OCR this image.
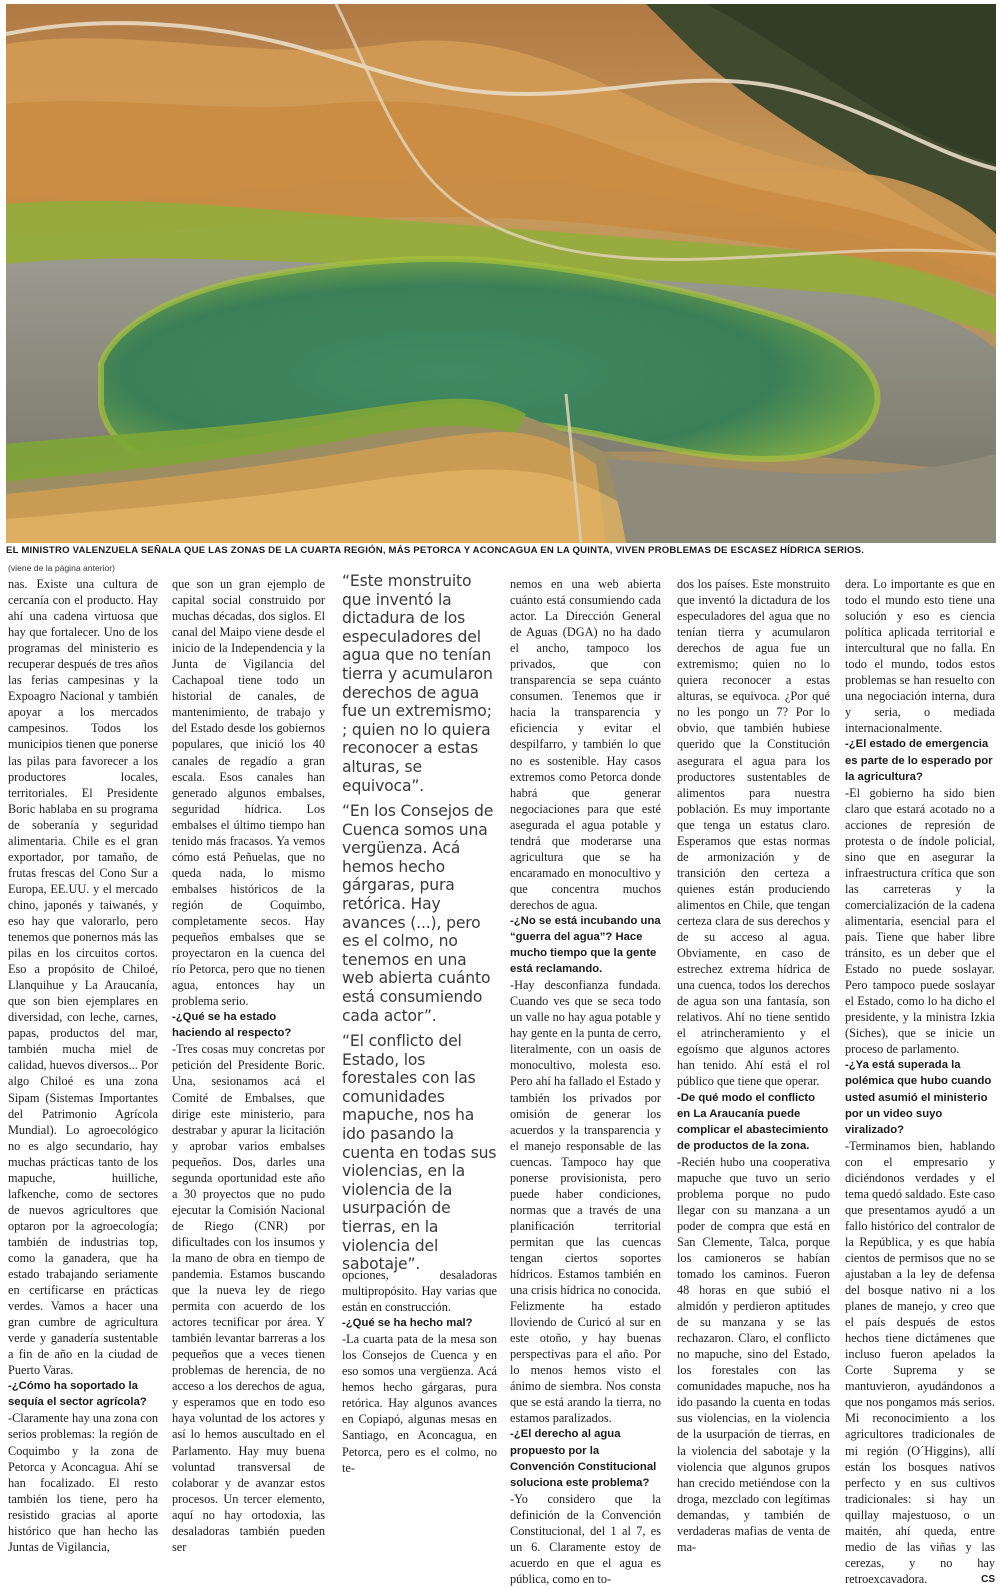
EL MINISTRO VALENZUELA SEÑALA QUE LAS ZONAS DE LA CUARTA REGIÓN, MÁS PETORCA Y ACONCAGUA EN LA QUINTA, VIVEN PROBLEMAS DE ESCASEZ HÍDRICA SERIOS.
(viene de la página anterior)

nas. Existe una cultura de cercanía con el producto. Hay ahí una cadena virtuosa que hay que fortalecer. Uno de los programas del ministerio es recuperar después de tres años las ferias campesinas y la Expoagro Nacional y también apoyar a los mercados campesinos. Todos los municipios tienen que ponerse las pilas para favorecer a los productores locales, territoriales. El Presidente Boric hablaba en su programa de soberanía y seguridad alimentaria. Chile es el gran exportador, por tamaño, de frutas frescas del Cono Sur a Europa, EE.UU. y el mercado chino, japonés y taiwanés, y eso hay que valorarlo, pero tenemos que ponernos más las pilas en los circuitos cortos. Eso a propósito de Chiloé, Llanquihue y La Araucanía, que son bien ejemplares en diversidad, con leche, carnes, papas, productos del mar, también mucha miel de calidad, huevos diversos... Por algo Chiloé es una zona Sipam (Sistemas Importantes del Patrimonio Agrícola Mundial). Lo agroecológico no es algo secundario, hay muchas prácticas tanto de los mapuche, huilliche, lafkenche, como de sectores de nuevos agricultores que optaron por la agroecología; también de industrias top, como la ganadera, que ha estado trabajando seriamente en certificarse en prácticas verdes. Vamos a hacer una gran cumbre de agricultura verde y ganadería sustentable a fin de año en la ciudad de Puerto Varas.

-¿Cómo ha soportado la sequía el sector agrícola?

-Claramente hay una zona con serios problemas: la región de Coquimbo y la zona de Petorca y Aconcagua. Ahí se han focalizado. El resto también los tiene, pero ha resistido gracias al aporte histórico que han hecho las Juntas de Vigilancia,

que son un gran ejemplo de capital social construido por muchas décadas, dos siglos. El canal del Maipo viene desde el inicio de la Independencia y la Junta de Vigilancia del Cachapoal tiene todo un historial de canales, de mantenimiento, de trabajo y del Estado desde los gobiernos populares, que inició los 40 canales de regadío a gran escala. Esos canales han generado algunos embalses, seguridad hídrica. Los embalses el último tiempo han tenido más fracasos. Ya vemos cómo está Peñuelas, que no queda nada, lo mismo embalses históricos de la región de Coquimbo, completamente secos. Hay pequeños embalses que se proyectaron en la cuenca del río Petorca, pero que no tienen agua, entonces hay un problema serio.

-¿Qué se ha estado haciendo al respecto?

-Tres cosas muy concretas por petición del Presidente Boric. Una, sesionamos acá el Comité de Embalses, que dirige este ministerio, para destrabar y apurar la licitación y aprobar varios embalses pequeños. Dos, darles una segunda oportunidad este año a 30 proyectos que no pudo ejecutar la Comisión Nacional de Riego (CNR) por dificultades con los insumos y la mano de obra en tiempo de pandemia. Estamos buscando que la nueva ley de riego permita con acuerdo de los actores tecnificar por área. Y también levantar barreras a los pequeños que a veces tienen problemas de herencia, de no acceso a los derechos de agua, y esperamos que en todo eso haya voluntad de los actores y así lo hemos auscultado en el Parlamento. Hay muy buena voluntad transversal de colaborar y de avanzar estos procesos. Un tercer elemento, aquí no hay ortodoxia, las desaladoras también pueden ser

“Este monstruito que inventó la dictadura de los especuladores del agua que no tenían tierra y acumularon derechos de agua fue un extremismo; ; quien no lo quiera reconocer a estas alturas, se equivoca”.

“En los Consejos de Cuenca somos una vergüenza. Acá hemos hecho gárgaras, pura retórica. Hay avances (...), pero es el colmo, no tenemos en una web abierta cuánto está consumiendo cada actor”.

“El conflicto del Estado, los forestales con las comunidades mapuche, nos ha ido pasando la cuenta en todas sus violencias, en la violencia de la usurpación de tierras, en la violencia del sabotaje”.

opciones, desaladoras multipropósito. Hay varias que están en construcción.

-¿Qué se ha hecho mal?

-La cuarta pata de la mesa son los Consejos de Cuenca y en eso somos una vergüenza. Acá hemos hecho gárgaras, pura retórica. Hay algunos avances en Copiapó, algunas mesas en Santiago, en Aconcagua, en Petorca, pero es el colmo, no te-

nemos en una web abierta cuánto está consumiendo cada actor. La Dirección General de Aguas (DGA) no ha dado el ancho, tampoco los privados, que con transparencia se sepa cuánto consumen. Tenemos que ir hacia la transparencia y eficiencia y evitar el despilfarro, y también lo que no es sostenible. Hay casos extremos como Petorca donde habrá que generar negociaciones para que esté asegurada el agua potable y tendrá que moderarse una agricultura que se ha encaramado en monocultivo y que concentra muchos derechos de agua.

-¿No se está incubando una “guerra del agua”? Hace mucho tiempo que la gente está reclamando.

-Hay desconfianza fundada. Cuando ves que se seca todo un valle no hay agua potable y hay gente en la punta de cerro, literalmente, con un oasis de monocultivo, molesta eso. Pero ahí ha fallado el Estado y también los privados por omisión de generar los acuerdos y la transparencia y el manejo responsable de las cuencas. Tampoco hay que ponerse provisionista, pero puede haber condiciones, normas que a través de una planificación territorial permitan que las cuencas tengan ciertos soportes hídricos. Estamos también en una crisis hídrica no conocida. Felizmente ha estado lloviendo de Curicó al sur en este otoño, y hay buenas perspectivas para el año. Por lo menos hemos visto el ánimo de siembra. Nos consta que se está arando la tierra, no estamos paralizados.

-¿El derecho al agua propuesto por la Convención Constitucional soluciona este problema?

-Yo considero que la definición de la Convención Constitucional, del 1 al 7, es un 6. Claramente estoy de acuerdo en que el agua es pública, como en to-

dos los países. Este monstruito que inventó la dictadura de los especuladores del agua que no tenían tierra y acumularon derechos de agua fue un extremismo; quien no lo quiera reconocer a estas alturas, se equivoca. ¿Por qué no les pongo un 7? Por lo obvio, que también hubiese querido que la Constitución asegurara el agua para los productores sustentables de alimentos para nuestra población. Es muy importante que tenga un estatus claro. Esperamos que estas normas de armonización y de transición den certeza a quienes están produciendo alimentos en Chile, que tengan certeza clara de sus derechos y de su acceso al agua. Obviamente, en caso de estrechez extrema hídrica de una cuenca, todos los derechos de agua son una fantasía, son relativos. Ahí no tiene sentido el atrincheramiento y el egoísmo que algunos actores han tenido. Ahí está el rol público que tiene que operar.

-De qué modo el conflicto en La Araucanía puede complicar el abastecimiento de productos de la zona.

-Recién hubo una cooperativa mapuche que tuvo un serio problema porque no pudo llegar con su manzana a un poder de compra que está en San Clemente, Talca, porque los camioneros se habían tomado los caminos. Fueron 48 horas en que subió el almidón y perdieron aptitudes de su manzana y se las rechazaron. Claro, el conflicto no mapuche, sino del Estado, los forestales con las comunidades mapuche, nos ha ido pasando la cuenta en todas sus violencias, en la violencia de la usurpación de tierras, en la violencia del sabotaje y la violencia que algunos grupos han crecido metiéndose con la droga, mezclado con legítimas demandas, y también de verdaderas mafias de venta de ma-

dera. Lo importante es que en todo el mundo esto tiene una solución y eso es ciencia política aplicada territorial e intercultural que no falla. En todo el mundo, todos estos problemas se han resuelto con una negociación interna, dura y seria, o mediada internacionalmente.

-¿El estado de emergencia es parte de lo esperado por la agricultura?

-El gobierno ha sido bien claro que estará acotado no a acciones de represión de protesta o de índole policial, sino que en asegurar la infraestructura crítica que son las carreteras y la comercialización de la cadena alimentaria, esencial para el país. Tiene que haber libre tránsito, es un deber que el Estado no puede soslayar. Pero tampoco puede soslayar el Estado, como lo ha dicho el presidente, y la ministra Izkia (Siches), que se inicie un proceso de parlamento.

-¿Ya está superada la polémica que hubo cuando usted asumió el ministerio por un video suyo viralizado?

-Terminamos bien, hablando con el empresario y diciéndonos verdades y el tema quedó saldado. Este caso que presentamos ayudó a un fallo histórico del contralor de la República, y es que había cientos de permisos que no se ajustaban a la ley de defensa del bosque nativo ni a los planes de manejo, y creo que el país después de estos hechos tiene dictámenes que incluso fueron apelados la Corte Suprema y se mantuvieron, ayudándonos a que nos pongamos más serios. Mi reconocimiento a los agricultores tradicionales de mi región (O´Higgins), allí están los bosques nativos perfecto y en sus cultivos tradicionales: si hay un quillay majestuoso, o un maitén, ahí queda, entre medio de las viñas y las cerezas, y no hay retroexcavadora.	CS
